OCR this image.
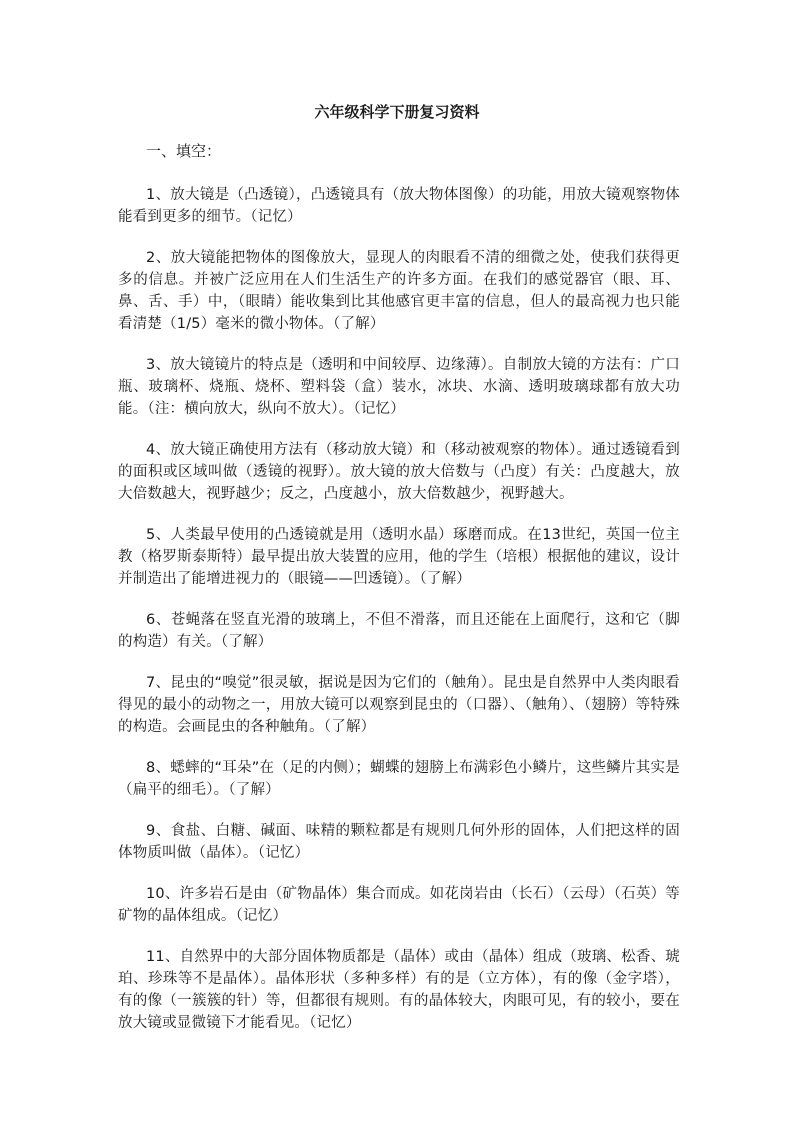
六年级科学下册复习资料

一、填空：

1、放大镜是（凸透镜），凸透镜具有（放大物体图像）的功能，用放大镜观察物体能看到更多的细节。（记忆）

2、放大镜能把物体的图像放大，显现人的肉眼看不清的细微之处，使我们获得更多的信息。并被广泛应用在人们生活生产的许多方面。在我们的感觉器官（眼、耳、鼻、舌、手）中，（眼睛）能收集到比其他感官更丰富的信息，但人的最高视力也只能看清楚（1/5）毫米的微小物体。（了解）

3、放大镜镜片的特点是（透明和中间较厚、边缘薄）。自制放大镜的方法有：广口瓶、玻璃杯、烧瓶、烧杯、塑料袋（盒）装水，冰块、水滴、透明玻璃球都有放大功能。（注：横向放大，纵向不放大）。（记忆）

4、放大镜正确使用方法有（移动放大镜）和（移动被观察的物体）。通过透镜看到的面积或区域叫做（透镜的视野）。放大镜的放大倍数与（凸度）有关：凸度越大，放大倍数越大，视野越少；反之，凸度越小，放大倍数越少，视野越大。

5、人类最早使用的凸透镜就是用（透明水晶）琢磨而成。在13世纪，英国一位主教（格罗斯泰斯特）最早提出放大装置的应用，他的学生（培根）根据他的建议，设计并制造出了能增进视力的（眼镜——凹透镜）。（了解）

6、苍蝇落在竖直光滑的玻璃上，不但不滑落，而且还能在上面爬行，这和它（脚的构造）有关。（了解）

7、昆虫的“嗅觉”很灵敏，据说是因为它们的（触角）。昆虫是自然界中人类肉眼看得见的最小的动物之一，用放大镜可以观察到昆虫的（口器）、（触角）、（翅膀）等特殊的构造。会画昆虫的各种触角。（了解）

8、蟋蟀的“耳朵”在（足的内侧）；蝴蝶的翅膀上布满彩色小鳞片，这些鳞片其实是（扁平的细毛）。（了解）

9、食盐、白糖、碱面、味精的颗粒都是有规则几何外形的固体，人们把这样的固体物质叫做（晶体）。（记忆）

10、许多岩石是由（矿物晶体）集合而成。如花岗岩由（长石）（云母）（石英）等矿物的晶体组成。（记忆）

11、自然界中的大部分固体物质都是（晶体）或由（晶体）组成（玻璃、松香、琥珀、珍珠等不是晶体）。晶体形状（多种多样）有的是（立方体），有的像（金字塔），有的像（一簇簇的针）等，但都很有规则。有的晶体较大，肉眼可见，有的较小，要在放大镜或显微镜下才能看见。（记忆）
